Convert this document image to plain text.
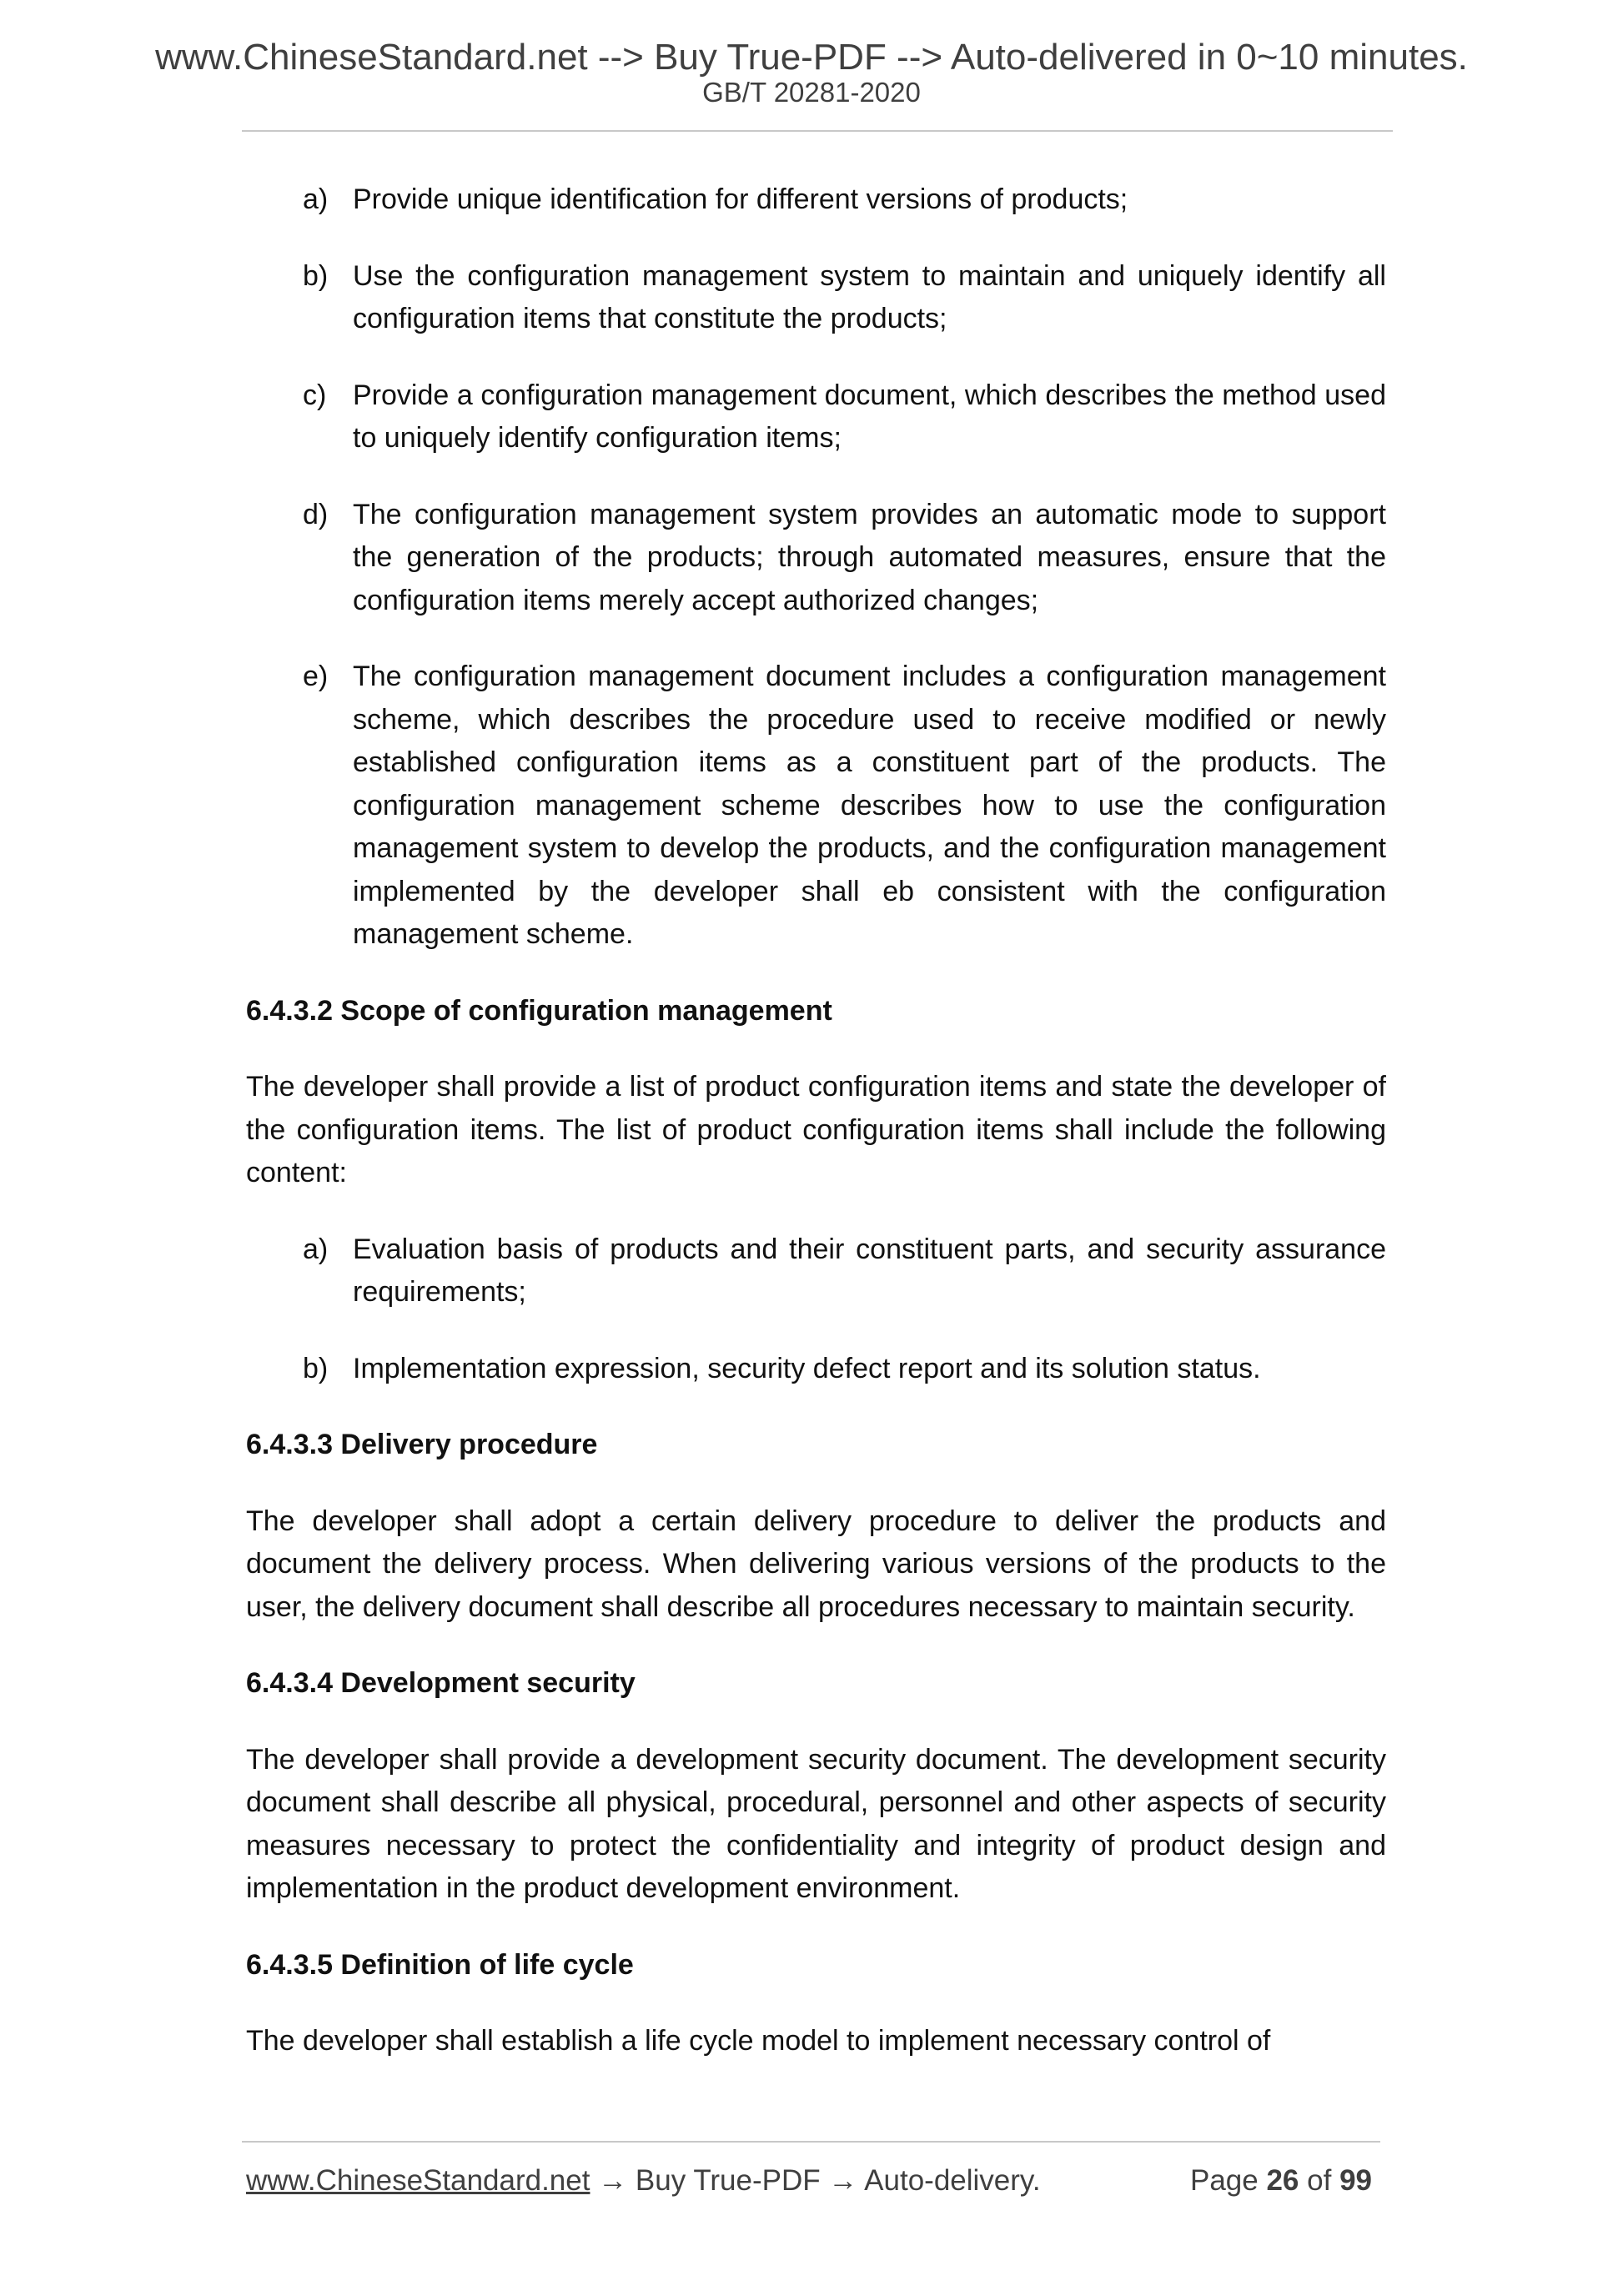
www.ChineseStandard.net --> Buy True-PDF --> Auto-delivered in 0~10 minutes.
GB/T 20281-2020
a) Provide unique identification for different versions of products;
b) Use the configuration management system to maintain and uniquely identify all configuration items that constitute the products;
c) Provide a configuration management document, which describes the method used to uniquely identify configuration items;
d) The configuration management system provides an automatic mode to support the generation of the products; through automated measures, ensure that the configuration items merely accept authorized changes;
e) The configuration management document includes a configuration management scheme, which describes the procedure used to receive modified or newly established configuration items as a constituent part of the products. The configuration management scheme describes how to use the configuration management system to develop the products, and the configuration management implemented by the developer shall eb consistent with the configuration management scheme.
6.4.3.2 Scope of configuration management
The developer shall provide a list of product configuration items and state the developer of the configuration items. The list of product configuration items shall include the following content:
a) Evaluation basis of products and their constituent parts, and security assurance requirements;
b) Implementation expression, security defect report and its solution status.
6.4.3.3 Delivery procedure
The developer shall adopt a certain delivery procedure to deliver the products and document the delivery process. When delivering various versions of the products to the user, the delivery document shall describe all procedures necessary to maintain security.
6.4.3.4 Development security
The developer shall provide a development security document. The development security document shall describe all physical, procedural, personnel and other aspects of security measures necessary to protect the confidentiality and integrity of product design and implementation in the product development environment.
6.4.3.5 Definition of life cycle
The developer shall establish a life cycle model to implement necessary control of
www.ChineseStandard.net → Buy True-PDF → Auto-delivery.	Page 26 of 99
